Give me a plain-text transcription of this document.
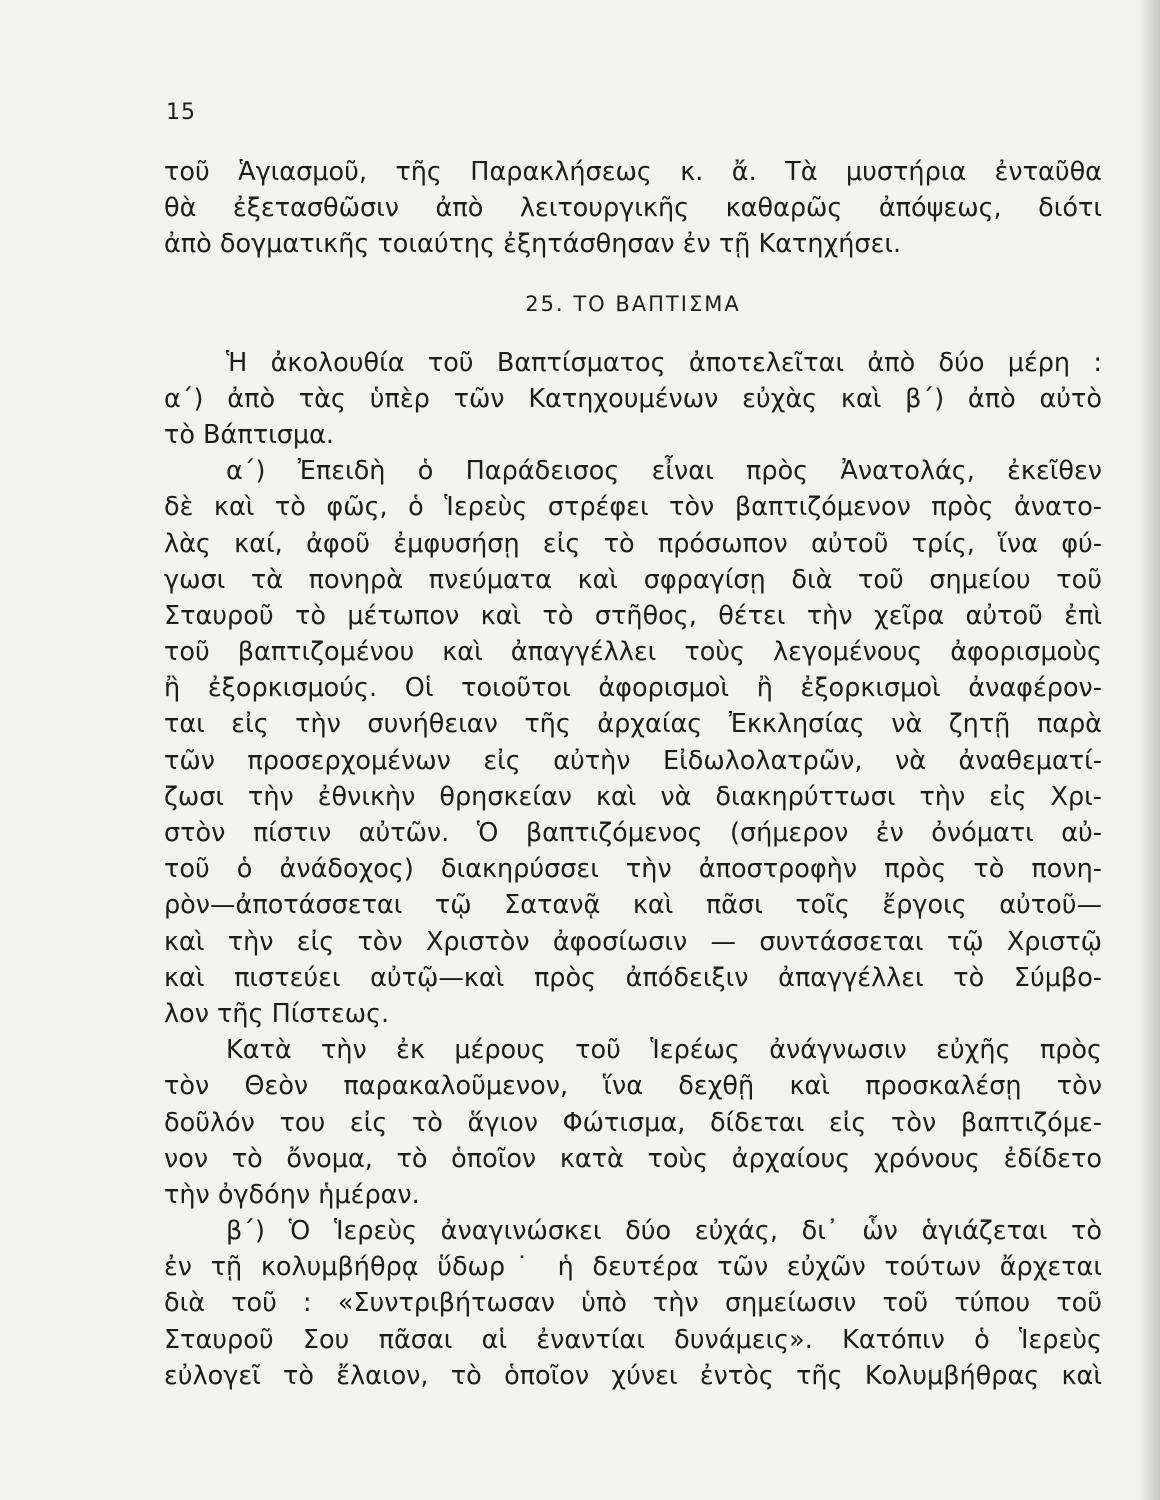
15
τοῦ Ἁγιασμοῦ, τῆς Παρακλήσεως κ. ἄ. Τὰ μυστήρια ἐνταῦθα
θὰ ἐξετασθῶσιν ἀπὸ λειτουργικῆς καθαρῶς ἀπόψεως, διότι
ἀπὸ δογματικῆς τοιαύτης ἐξητάσθησαν ἐν τῇ Κατηχήσει.
25. ΤΟ ΒΑΠΤΙΣΜΑ
Ἡ ἀκολουθία τοῦ Βαπτίσματος ἀποτελεῖται ἀπὸ δύο μέρη :
α΄) ἀπὸ τὰς ὑπὲρ τῶν Κατηχουμένων εὐχὰς καὶ β΄) ἀπὸ αὐτὸ
τὸ Βάπτισμα.
α΄) Ἐπειδὴ ὁ Παράδεισος εἶναι πρὸς Ἀνατολάς, ἐκεῖθεν
δὲ καὶ τὸ φῶς, ὁ Ἱερεὺς στρέφει τὸν βαπτιζόμενον πρὸς ἀνατο-
λὰς καί, ἀφοῦ ἐμφυσήσῃ εἰς τὸ πρόσωπον αὐτοῦ τρίς, ἵνα φύ-
γωσι τὰ πονηρὰ πνεύματα καὶ σφραγίσῃ διὰ τοῦ σημείου τοῦ
Σταυροῦ τὸ μέτωπον καὶ τὸ στῆθος, θέτει τὴν χεῖρα αὐτοῦ ἐπὶ
τοῦ βαπτιζομένου καὶ ἀπαγγέλλει τοὺς λεγομένους ἀφορισμοὺς
ἢ ἐξορκισμούς. Οἱ τοιοῦτοι ἀφορισμοὶ ἢ ἐξορκισμοὶ ἀναφέρον-
ται εἰς τὴν συνήθειαν τῆς ἀρχαίας Ἐκκλησίας νὰ ζητῇ παρὰ
τῶν προσερχομένων εἰς αὐτὴν Εἰδωλολατρῶν, νὰ ἀναθεματί-
ζωσι τὴν ἐθνικὴν θρησκείαν καὶ νὰ διακηρύττωσι τὴν εἰς Χρι-
στὸν πίστιν αὐτῶν. Ὁ βαπτιζόμενος (σήμερον ἐν ὀνόματι αὐ-
τοῦ ὁ ἀνάδοχος) διακηρύσσει τὴν ἀποστροφὴν πρὸς τὸ πονη-
ρὸν—ἀποτάσσεται τῷ Σατανᾷ καὶ πᾶσι τοῖς ἔργοις αὐτοῦ—
καὶ τὴν εἰς τὸν Χριστὸν ἀφοσίωσιν — συντάσσεται τῷ Χριστῷ
καὶ πιστεύει αὐτῷ—καὶ πρὸς ἀπόδειξιν ἀπαγγέλλει τὸ Σύμβο-
λον τῆς Πίστεως.
Κατὰ τὴν ἐκ μέρους τοῦ Ἱερέως ἀνάγνωσιν εὐχῆς πρὸς
τὸν Θεὸν παρακαλοῦμενον, ἵνα δεχθῇ καὶ προσκαλέσῃ τὸν
δοῦλόν του εἰς τὸ ἅγιον Φώτισμα, δίδεται εἰς τὸν βαπτιζόμε-
νον τὸ ὄνομα, τὸ ὁποῖον κατὰ τοὺς ἀρχαίους χρόνους ἐδίδετο
τὴν ὀγδόην ἡμέραν.
β΄) Ὁ Ἱερεὺς ἀναγινώσκει δύο εὐχάς, δι᾽ ὧν ἁγιάζεται τὸ
ἐν τῇ κολυμβήθρᾳ ὕδωρ˙ ἡ δευτέρα τῶν εὐχῶν τούτων ἄρχεται
διὰ τοῦ : «Συντριβήτωσαν ὑπὸ τὴν σημείωσιν τοῦ τύπου τοῦ
Σταυροῦ Σου πᾶσαι αἱ ἐναντίαι δυνάμεις». Κατόπιν ὁ Ἱερεὺς
εὐλογεῖ τὸ ἔλαιον, τὸ ὁποῖον χύνει ἐντὸς τῆς Κολυμβήθρας καὶ
